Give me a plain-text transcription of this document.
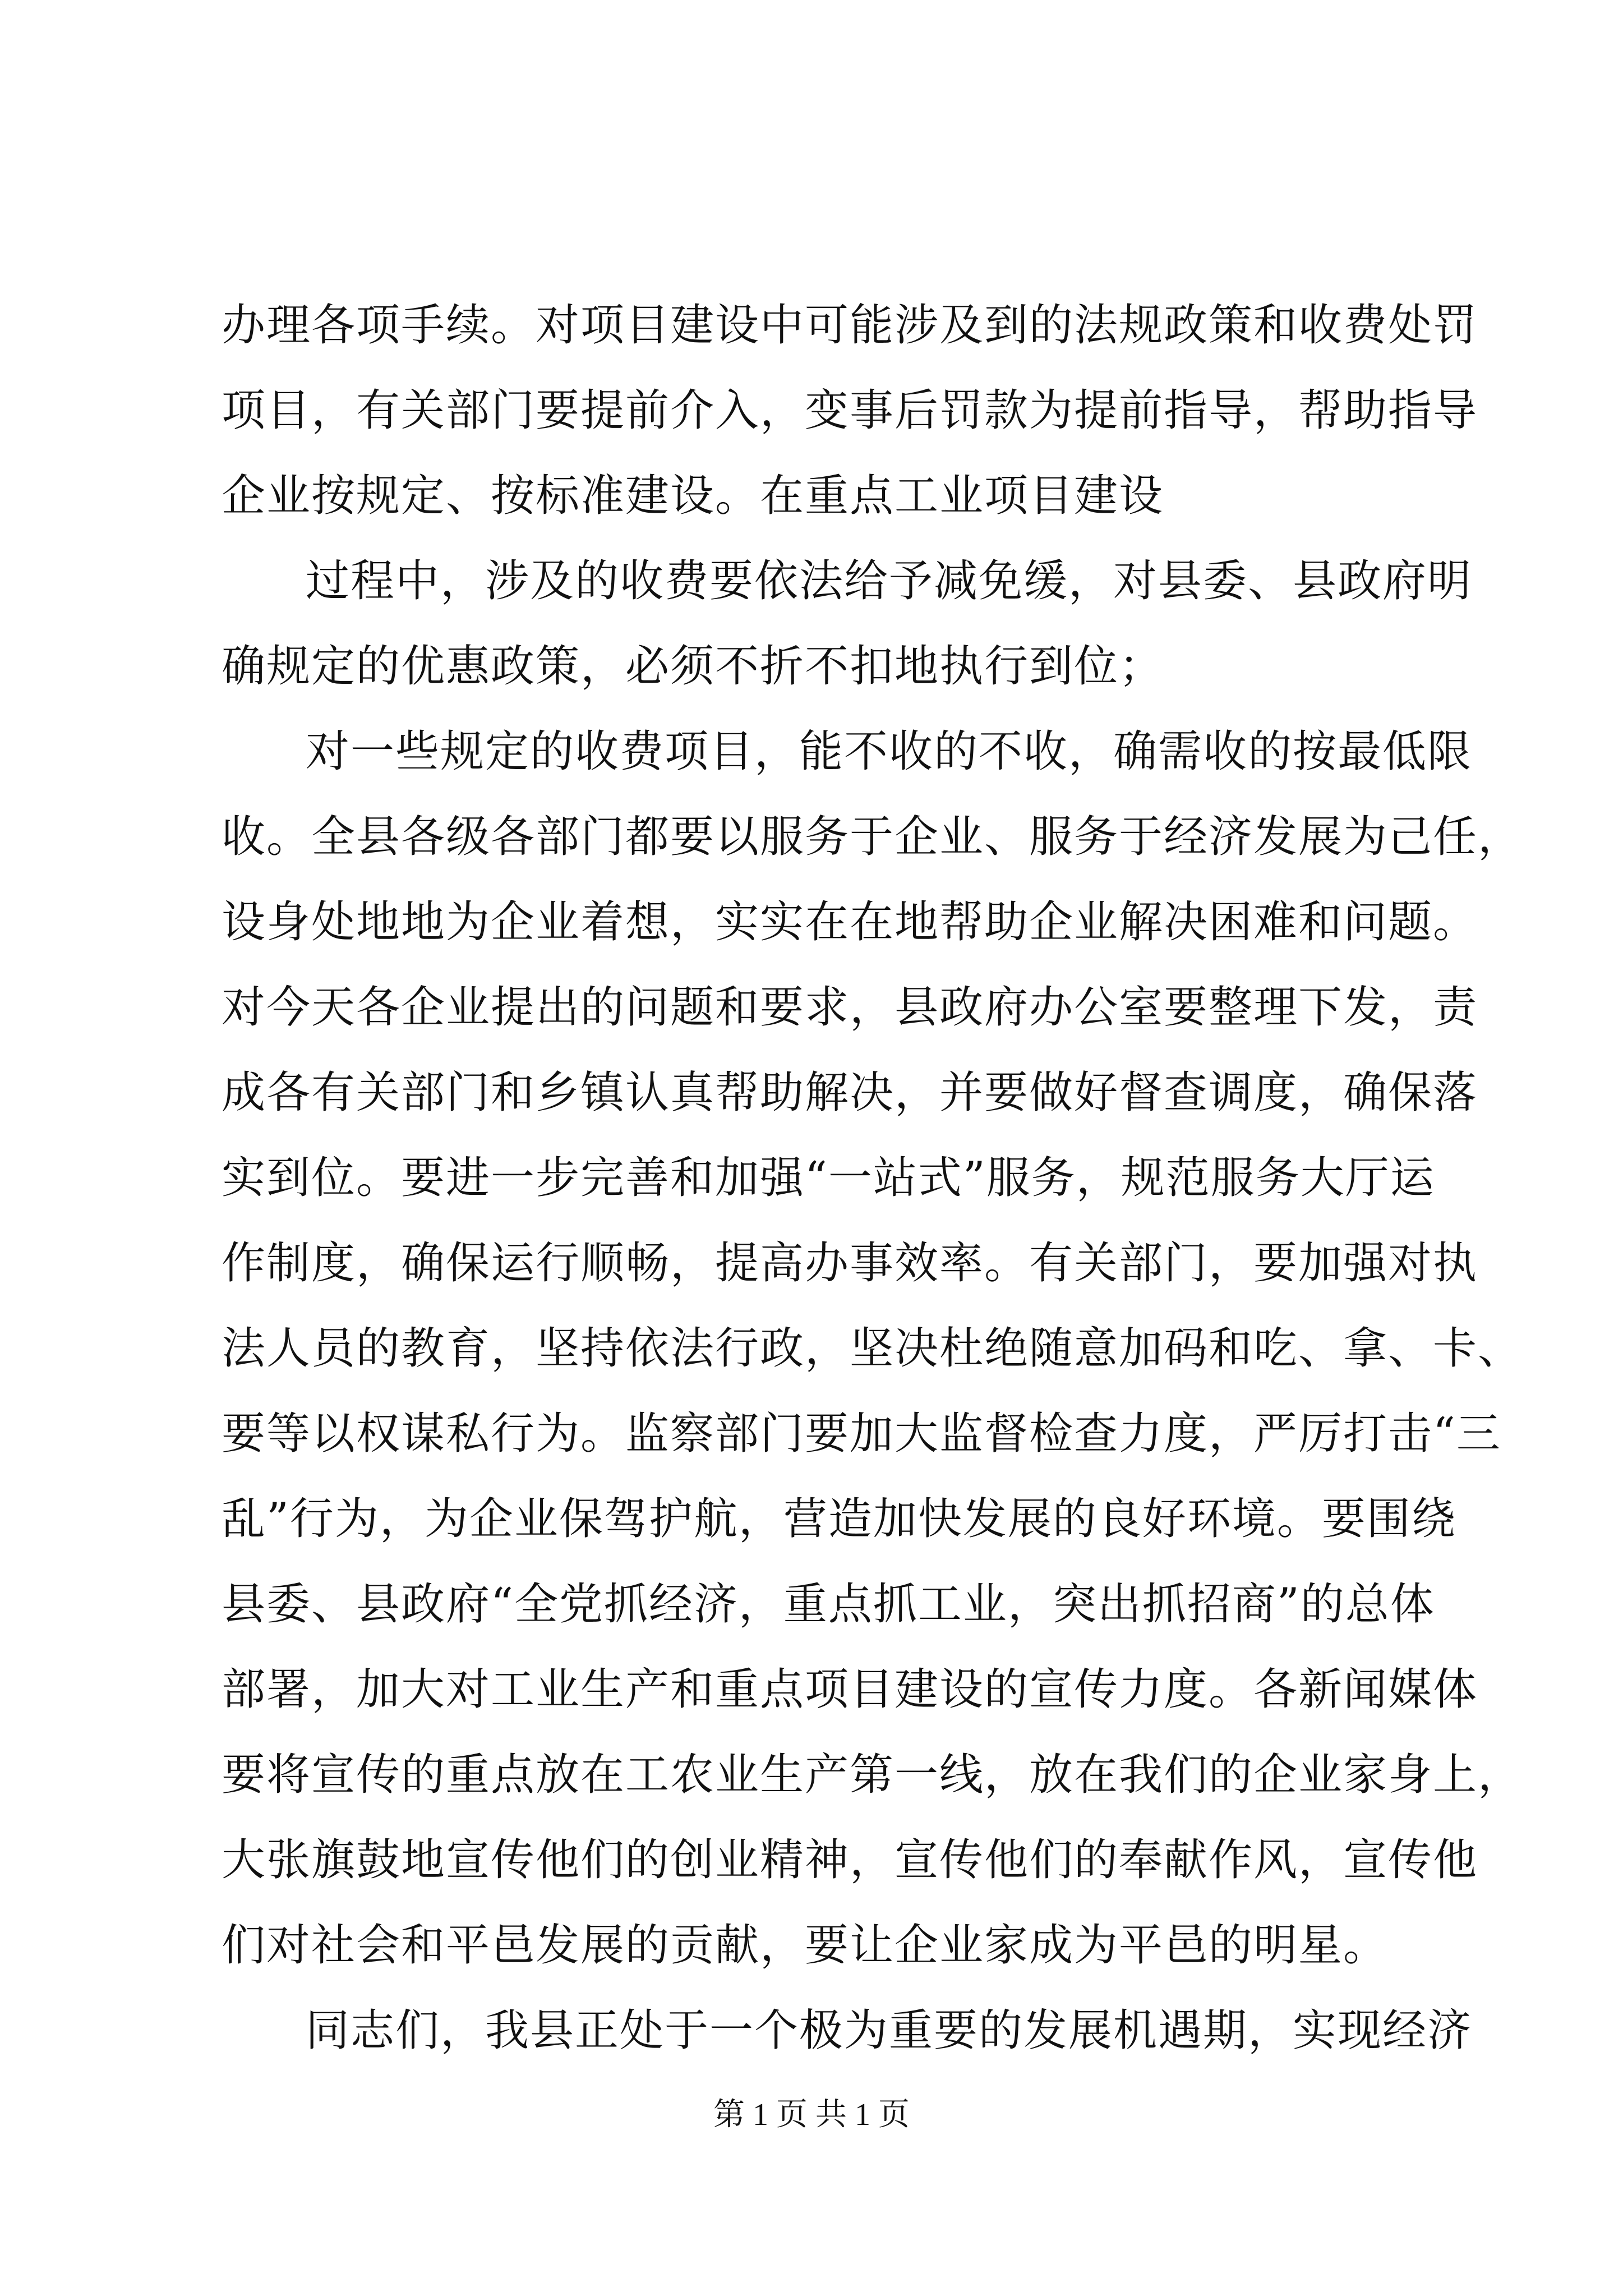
办理各项手续。对项目建设中可能涉及到的法规政策和收费处罚
项目，有关部门要提前介入，变事后罚款为提前指导，帮助指导
企业按规定、按标准建设。在重点工业项目建设
过程中，涉及的收费要依法给予减免缓，对县委、县政府明
确规定的优惠政策，必须不折不扣地执行到位；
对一些规定的收费项目，能不收的不收，确需收的按最低限
收。全县各级各部门都要以服务于企业、服务于经济发展为己任，
设身处地地为企业着想，实实在在地帮助企业解决困难和问题。
对今天各企业提出的问题和要求，县政府办公室要整理下发，责
成各有关部门和乡镇认真帮助解决，并要做好督查调度，确保落
实到位。要进一步完善和加强“一站式”服务，规范服务大厅运
作制度，确保运行顺畅，提高办事效率。有关部门，要加强对执
法人员的教育，坚持依法行政，坚决杜绝随意加码和吃、拿、卡、
要等以权谋私行为。监察部门要加大监督检查力度，严厉打击“三
乱”行为，为企业保驾护航，营造加快发展的良好环境。要围绕
县委、县政府“全党抓经济，重点抓工业，突出抓招商”的总体
部署，加大对工业生产和重点项目建设的宣传力度。各新闻媒体
要将宣传的重点放在工农业生产第一线，放在我们的企业家身上，
大张旗鼓地宣传他们的创业精神，宣传他们的奉献作风，宣传他
们对社会和平邑发展的贡献，要让企业家成为平邑的明星。
同志们，我县正处于一个极为重要的发展机遇期，实现经济
第 1 页 共 1 页
